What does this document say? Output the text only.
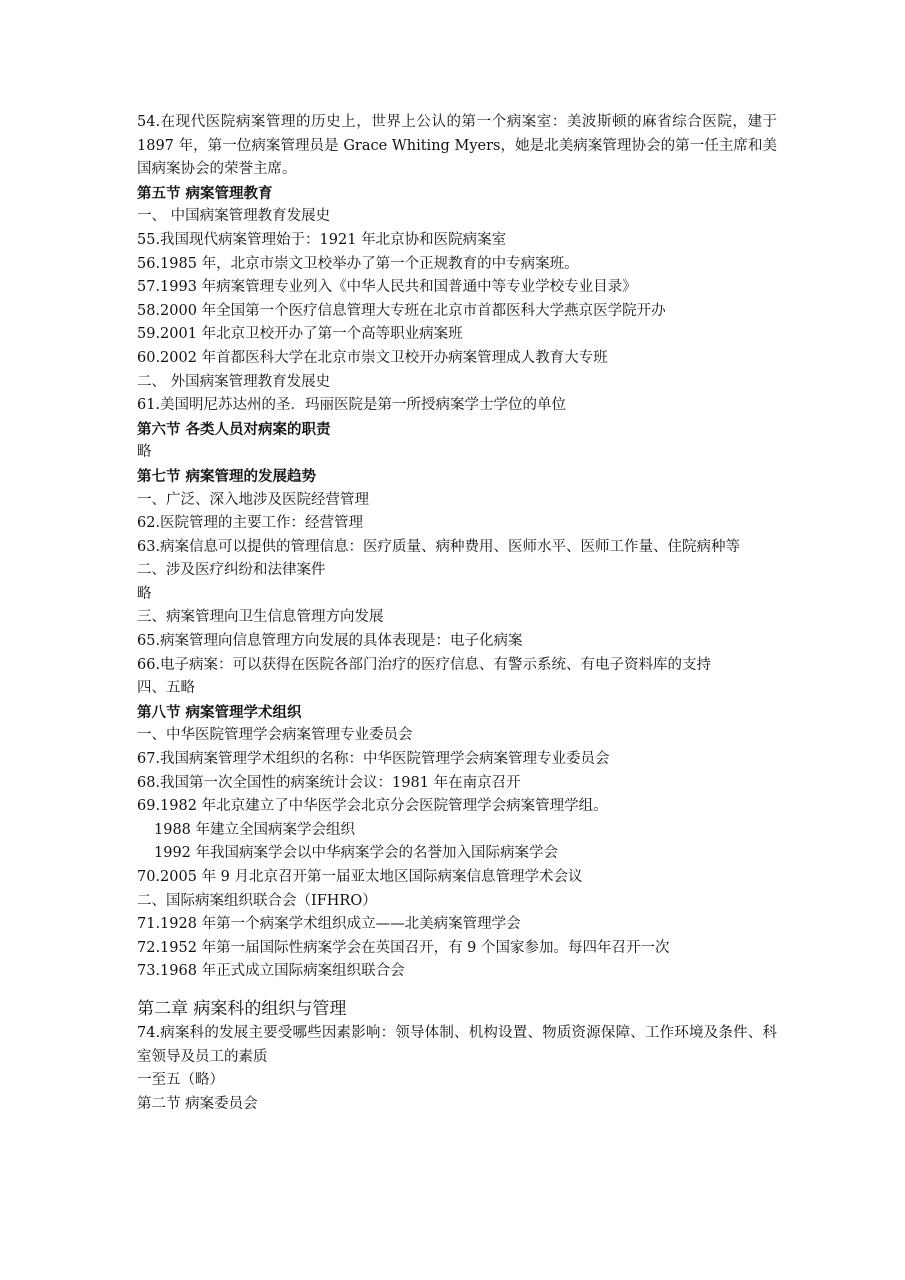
54.在现代医院病案管理的历史上，世界上公认的第一个病案室：美波斯顿的麻省综合医院，建于 1897 年，第一位病案管理员是 Grace Whiting Myers，她是北美病案管理协会的第一任主席和美国病案协会的荣誉主席。
第五节 病案管理教育
一、 中国病案管理教育发展史
55.我国现代病案管理始于：1921 年北京协和医院病案室
56.1985 年，北京市崇文卫校举办了第一个正规教育的中专病案班。
57.1993 年病案管理专业列入《中华人民共和国普通中等专业学校专业目录》
58.2000 年全国第一个医疗信息管理大专班在北京市首都医科大学燕京医学院开办
59.2001 年北京卫校开办了第一个高等职业病案班
60.2002 年首都医科大学在北京市崇文卫校开办病案管理成人教育大专班
二、 外国病案管理教育发展史
61.美国明尼苏达州的圣．玛丽医院是第一所授病案学士学位的单位
第六节 各类人员对病案的职责
略
第七节 病案管理的发展趋势
一、广泛、深入地涉及医院经营管理
62.医院管理的主要工作：经营管理
63.病案信息可以提供的管理信息：医疗质量、病种费用、医师水平、医师工作量、住院病种等
二、涉及医疗纠纷和法律案件
略
三、病案管理向卫生信息管理方向发展
65.病案管理向信息管理方向发展的具体表现是：电子化病案
66.电子病案：可以获得在医院各部门治疗的医疗信息、有警示系统、有电子资料库的支持
四、五略
第八节 病案管理学术组织
一、中华医院管理学会病案管理专业委员会
67.我国病案管理学术组织的名称：中华医院管理学会病案管理专业委员会
68.我国第一次全国性的病案统计会议：1981 年在南京召开
69.1982 年北京建立了中华医学会北京分会医院管理学会病案管理学组。
1988 年建立全国病案学会组织
1992 年我国病案学会以中华病案学会的名誉加入国际病案学会
70.2005 年 9 月北京召开第一届亚太地区国际病案信息管理学术会议
二、国际病案组织联合会（IFHRO）
71.1928 年第一个病案学术组织成立——北美病案管理学会
72.1952 年第一届国际性病案学会在英国召开，有 9 个国家参加。每四年召开一次
73.1968 年正式成立国际病案组织联合会
第二章 病案科的组织与管理
74.病案科的发展主要受哪些因素影响：领导体制、机构设置、物质资源保障、工作环境及条件、科室领导及员工的素质
一至五（略）
第二节 病案委员会
